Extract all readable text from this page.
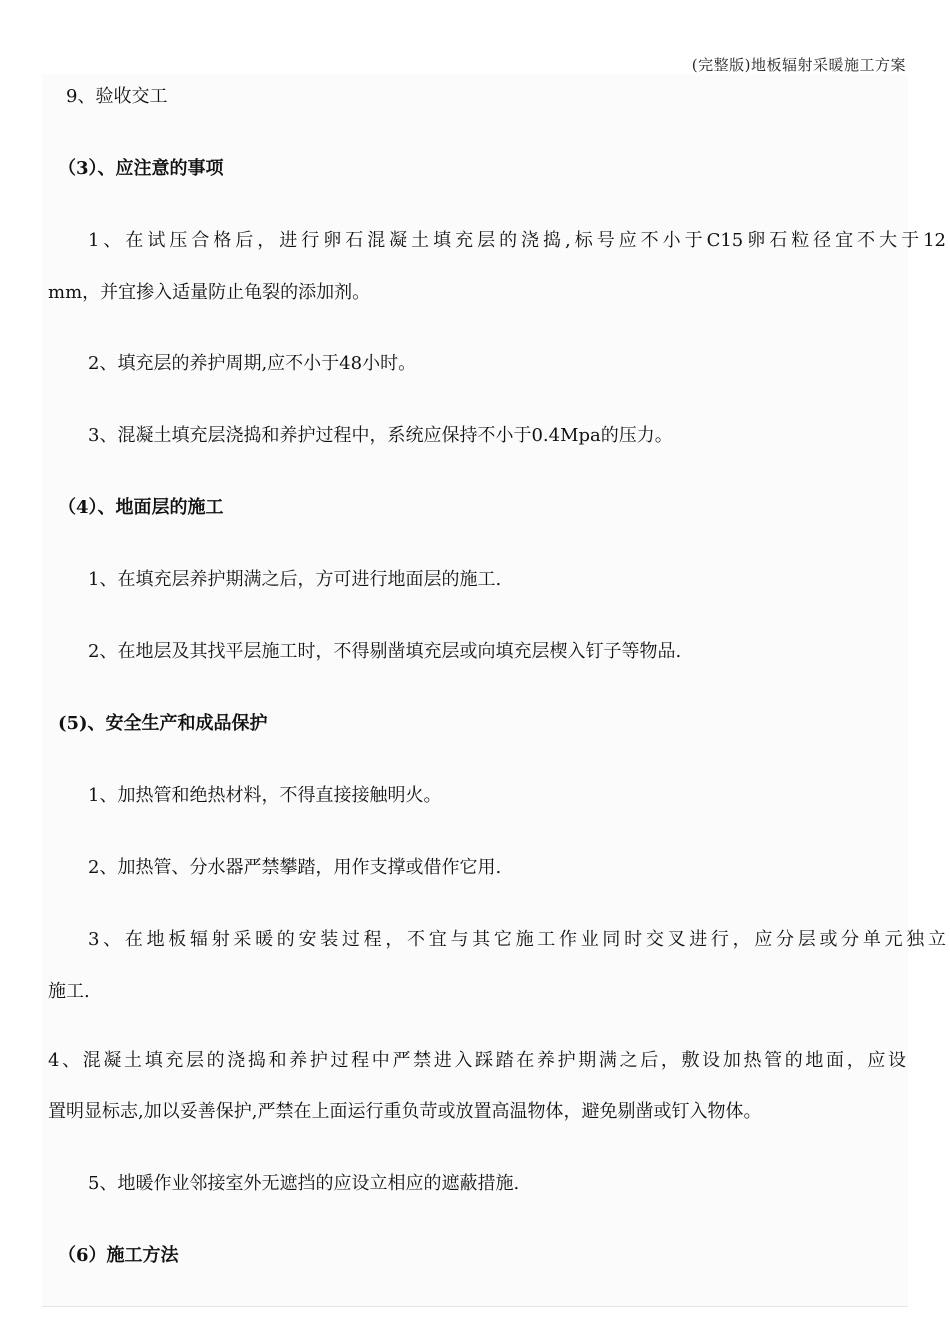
(完整版)地板辐射采暖施工方案
9、验收交工
（3）、应注意的事项
1、在试压合格后，进行卵石混凝土填充层的浇捣,标号应不小于C15卵石粒径宜不大于12
mm，并宜掺入适量防止龟裂的添加剂。
2、填充层的养护周期,应不小于48小时。
3、混凝土填充层浇捣和养护过程中，系统应保持不小于0.4Mpa的压力。
（4）、地面层的施工
1、在填充层养护期满之后，方可进行地面层的施工.
2、在地层及其找平层施工时，不得剔凿填充层或向填充层楔入钉子等物品.
(5)、安全生产和成品保护
1、加热管和绝热材料，不得直接接触明火。
2、加热管、分水器严禁攀踏，用作支撑或借作它用.
3、在地板辐射采暖的安装过程，不宜与其它施工作业同时交叉进行，应分层或分单元独立
施工.
4、混凝土填充层的浇捣和养护过程中严禁进入踩踏在养护期满之后，敷设加热管的地面，应设
置明显标志,加以妥善保护,严禁在上面运行重负苛或放置高温物体，避免剔凿或钉入物体。
5、地暖作业邻接室外无遮挡的应设立相应的遮蔽措施.
（6）施工方法
